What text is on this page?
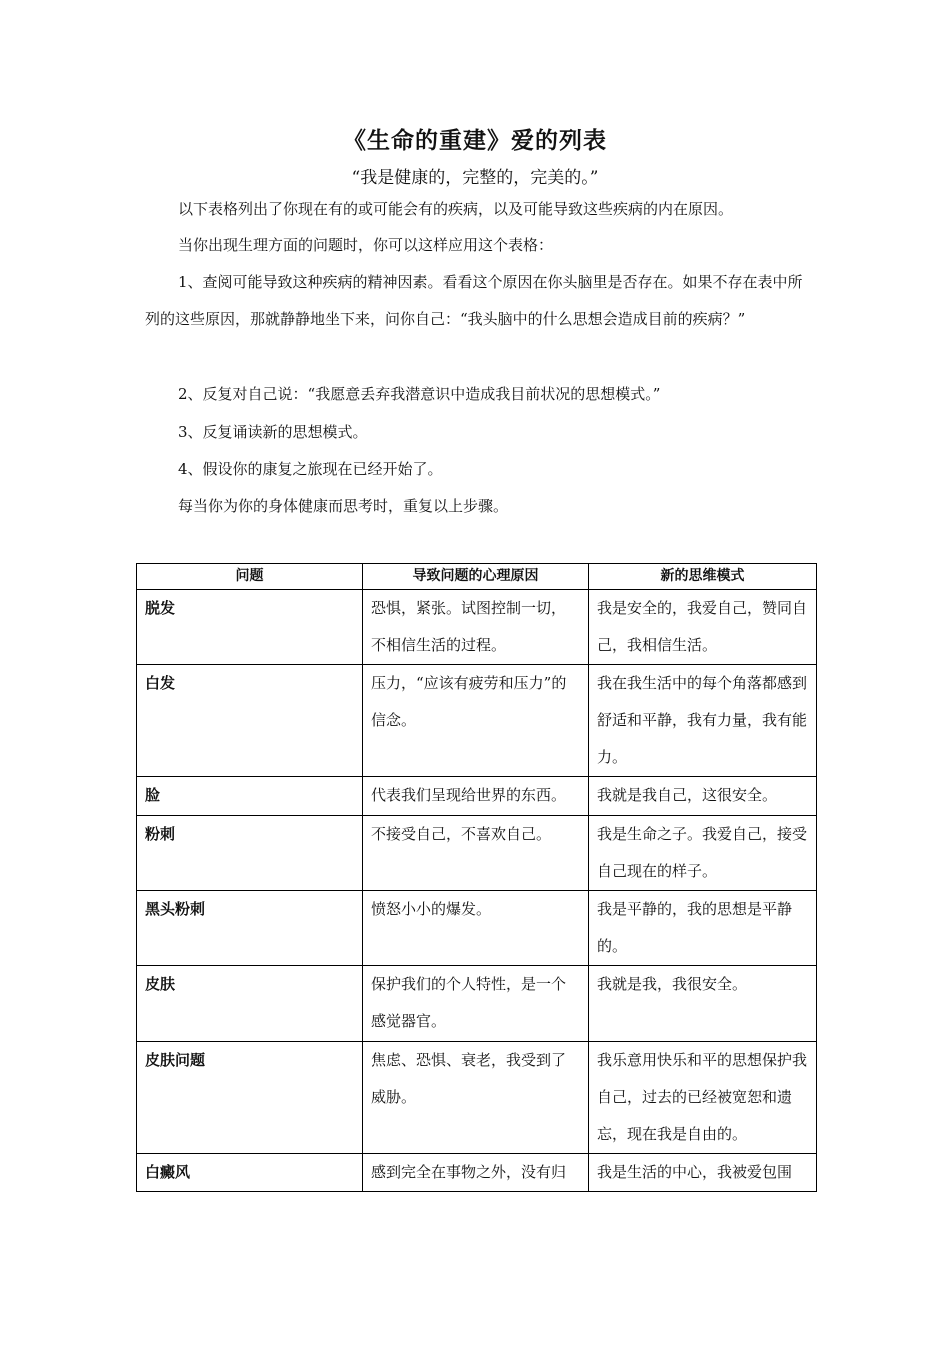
《生命的重建》爱的列表
“我是健康的，完整的，完美的。”
以下表格列出了你现在有的或可能会有的疾病，以及可能导致这些疾病的内在原因。
当你出现生理方面的问题时，你可以这样应用这个表格：
1、查阅可能导致这种疾病的精神因素。看看这个原因在你头脑里是否存在。如果不存在表中所列的这些原因，那就静静地坐下来，问你自己：“我头脑中的什么思想会造成目前的疾病？”
2、反复对自己说：“我愿意丢弃我潜意识中造成我目前状况的思想模式。”
3、反复诵读新的思想模式。
4、假设你的康复之旅现在已经开始了。
每当你为你的身体健康而思考时，重复以上步骤。
问题	导致问题的心理原因	新的思维模式
脱发	恐惧，紧张。试图控制一切，不相信生活的过程。	我是安全的，我爱自己，赞同自己，我相信生活。
白发	压力，“应该有疲劳和压力”的信念。	我在我生活中的每个角落都感到舒适和平静，我有力量，我有能力。
脸	代表我们呈现给世界的东西。	我就是我自己，这很安全。
粉刺	不接受自己，不喜欢自己。	我是生命之子。我爱自己，接受自己现在的样子。
黑头粉刺	愤怒小小的爆发。	我是平静的，我的思想是平静的。
皮肤	保护我们的个人特性，是一个感觉器官。	我就是我，我很安全。
皮肤问题	焦虑、恐惧、衰老，我受到了威胁。	我乐意用快乐和平的思想保护我自己，过去的已经被宽恕和遗忘，现在我是自由的。
白癜风	感到完全在事物之外，没有归	我是生活的中心，我被爱包围
